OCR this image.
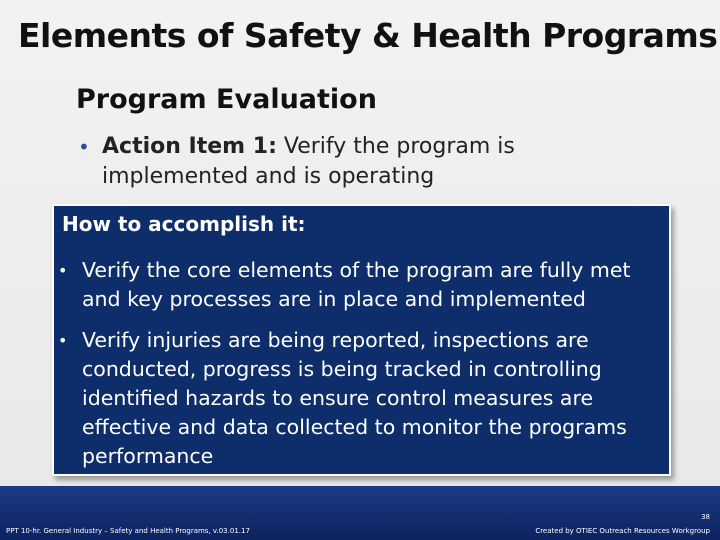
Elements of Safety & Health Programs
Program Evaluation
• Action Item 1: Verify the program is implemented and is operating
How to accomplish it:
• Verify the core elements of the program are fully met and key processes are in place and implemented
• Verify injuries are being reported, inspections are conducted, progress is being tracked in controlling identified hazards to ensure control measures are effective and data collected to monitor the programs performance
PPT 10-hr. General Industry – Safety and Health Programs, v.03.01.17
38
Created by OTIEC Outreach Resources Workgroup
